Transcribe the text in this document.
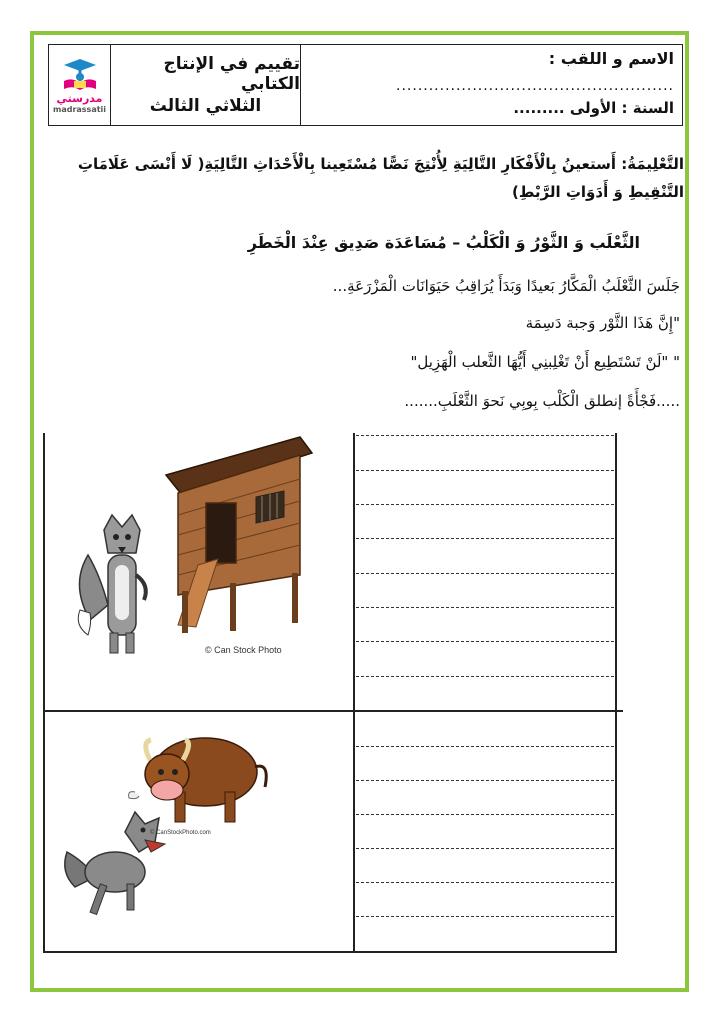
الاسم و اللقب :
...................................................
السنة : الأولى .........
تقييم في الإنتاج الكتابي
الثلاثي الثالث
مدرستي
madrassatii
التَّعْلِيمَةُ: أَستعينُ بِالْأَفْكَارِ التَّالِيَةِ لِأُنْتِجَ نَصًّا مُسْتَعِينا بِالْأَحْدَاثِ التَّالِيَةِ( لَا أَنْسَى عَلَامَاتِ التَّنْقِيطِ وَ أَدَوَاتِ الرَّبْطِ)
الثَّعْلَب وَ الثَّوْرُ وَ الْكَلْبُ – مُسَاعَدَة صَدِيق عِنْدَ الْخَطَرِ
جَلَسَ الثَّعْلَبُ الْمَكَّارُ بَعيدًا وَبَدَأَ يُرَاقِبُ حَيَوَانَات الْمَزْرَعَةِ...
"إِنَّ هَذَا الثَّوْر وَجبة دَسِمَة
" "لَنْ تَسْتَطِيع أَنْ تَغْلِبنِي أَيُّهَا الثَّعلب الْهَزِيل"
.....فَجْأَةً إنطلق الْكَلْب بِوبِي نَحوَ الثَّعْلَبِ.......
© Can Stock Photo
© CanStockPhoto.com
